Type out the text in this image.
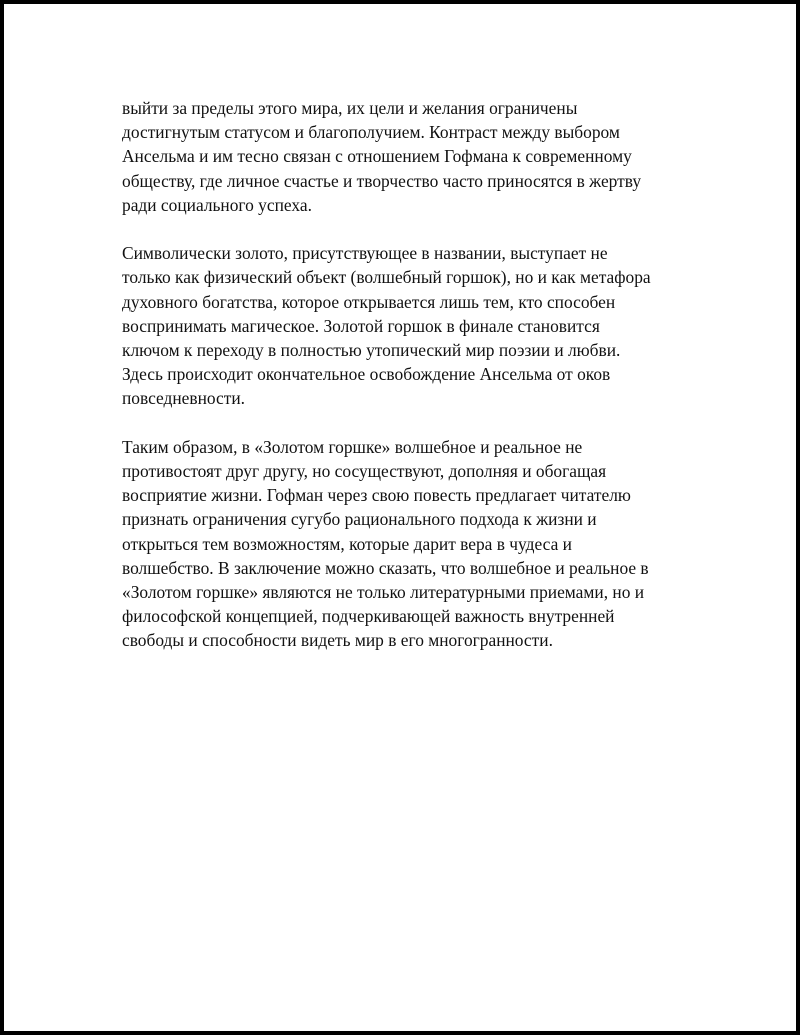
выйти за пределы этого мира, их цели и желания ограничены
достигнутым статусом и благополучием. Контраст между выбором
Ансельма и им тесно связан с отношением Гофмана к современному
обществу, где личное счастье и творчество часто приносятся в жертву
ради социального успеха.

Символически золото, присутствующее в названии, выступает не
только как физический объект (волшебный горшок), но и как метафора
духовного богатства, которое открывается лишь тем, кто способен
воспринимать магическое. Золотой горшок в финале становится
ключом к переходу в полностью утопический мир поэзии и любви.
Здесь происходит окончательное освобождение Ансельма от оков
повседневности.

Таким образом, в «Золотом горшке» волшебное и реальное не
противостоят друг другу, но сосуществуют, дополняя и обогащая
восприятие жизни. Гофман через свою повесть предлагает читателю
признать ограничения сугубо рационального подхода к жизни и
открыться тем возможностям, которые дарит вера в чудеса и
волшебство. В заключение можно сказать, что волшебное и реальное в
«Золотом горшке» являются не только литературными приемами, но и
философской концепцией, подчеркивающей важность внутренней
свободы и способности видеть мир в его многогранности.
